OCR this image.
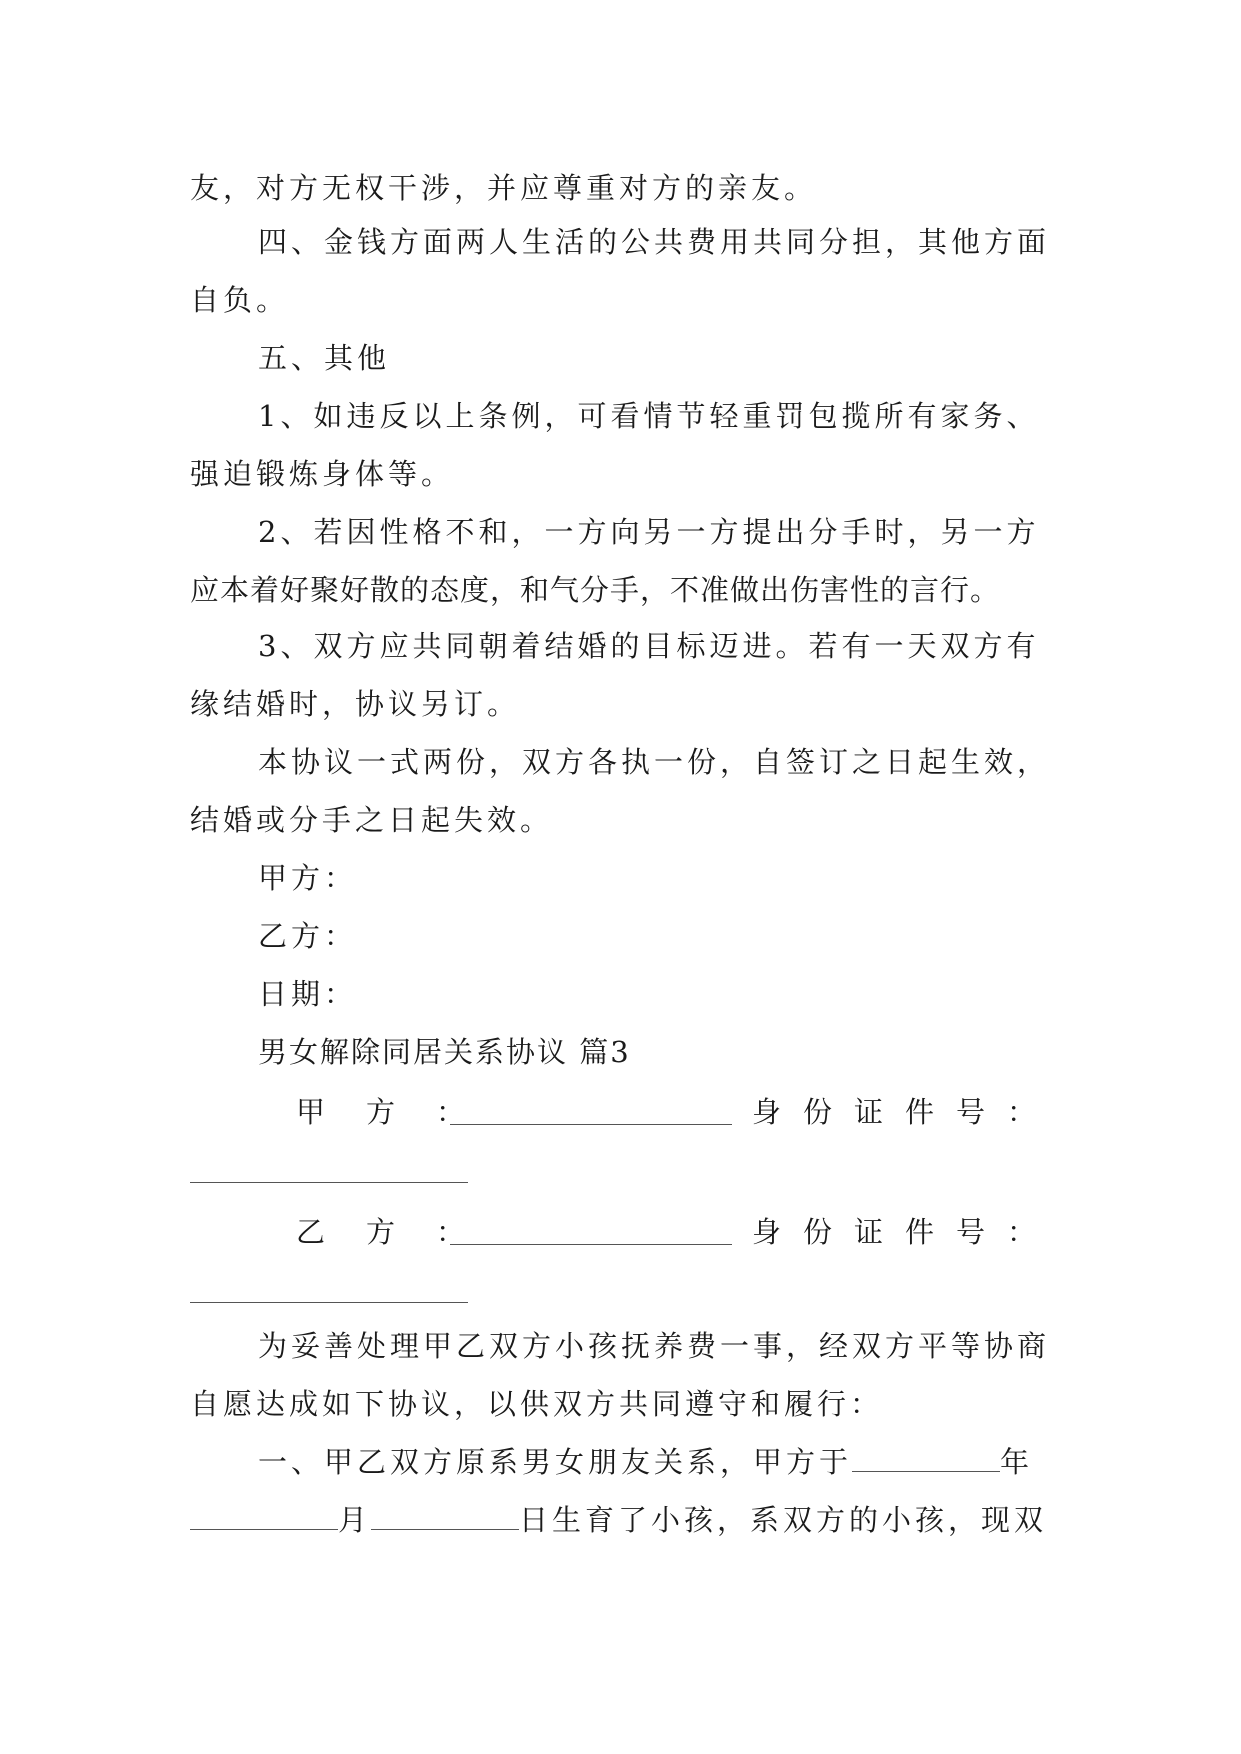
友，对方无权干涉，并应尊重对方的亲友。
四、金钱方面两人生活的公共费用共同分担，其他方面
自负。
五、其他
1、如违反以上条例，可看情节轻重罚包揽所有家务、
强迫锻炼身体等。
2、若因性格不和，一方向另一方提出分手时，另一方
应本着好聚好散的态度，和气分手，不准做出伤害性的言行。
3、双方应共同朝着结婚的目标迈进。若有一天双方有
缘结婚时，协议另订。
本协议一式两份，双方各执一份，自签订之日起生效，
结婚或分手之日起失效。
甲方：
乙方：
日期：
男女解除同居关系协议 篇3
甲　方　：	身份证件号：
乙　方　：	身份证件号：
为妥善处理甲乙双方小孩抚养费一事，经双方平等协商
自愿达成如下协议，以供双方共同遵守和履行：
一、甲乙双方原系男女朋友关系，甲方于	年
月	日生育了小孩，系双方的小孩，现双
